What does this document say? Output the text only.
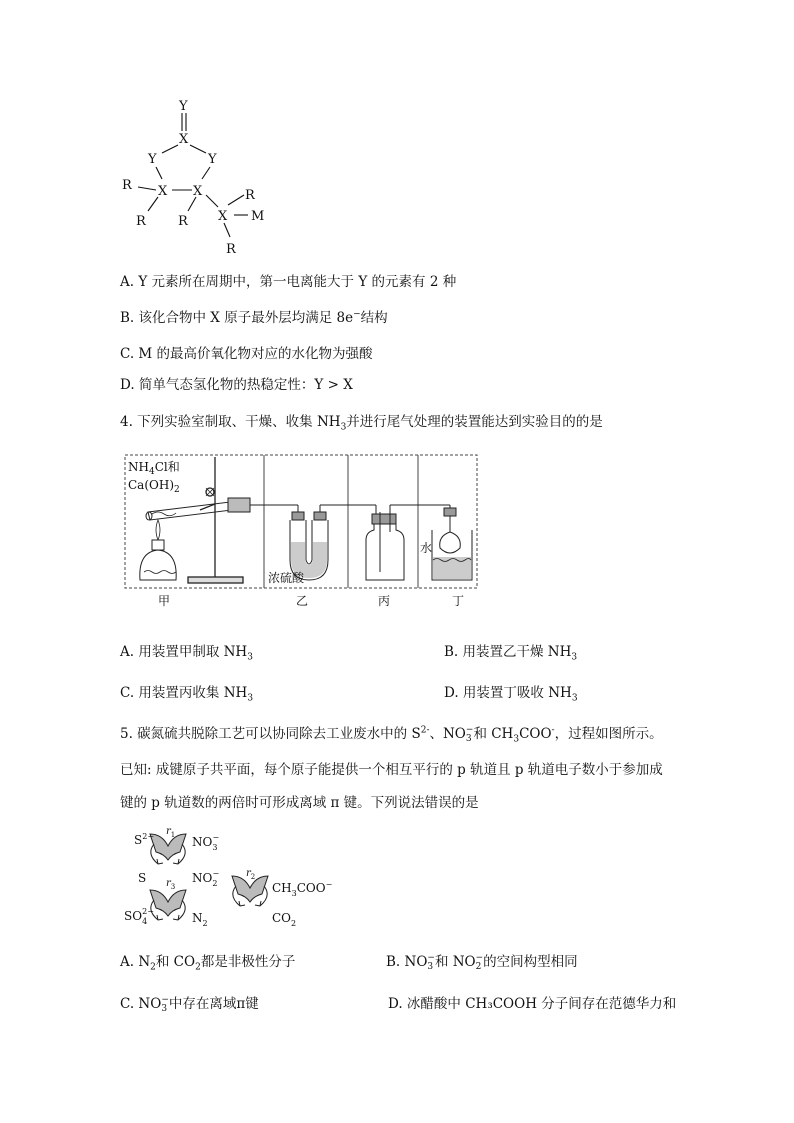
Y
X
Y	Y
R X X	R
R R X M
R
A. Y 元素所在周期中，第一电离能大于 Y 的元素有 2 种
B. 该化合物中 X 原子最外层均满足 8e−结构
C. M 的最高价氧化物对应的水化物为强酸
D. 简单气态氢化物的热稳定性：Y > X
4. 下列实验室制取、干燥、收集 $NH_3$并进行尾气处理的装置能达到实验目的的是
$NH_4Cl$和
$Ca(OH)_2$
浓硫酸
水
甲	乙	丙	丁
A. 用装置甲制取 $NH_3$	B. 用装置乙干燥 $NH_3$
C. 用装置丙收集 $NH_3$	D. 用装置丁吸收 $NH_3$
5. 碳氮硫共脱除工艺可以协同除去工业废水中的 $S^{2-}$、NO −
3 和 $CH_3COO^-$，过程如图所示。
已知: 成键原子共平面，每个原子能提供一个相互平行的 p 轨道且 p 轨道电子数小于参加成
键的 p 轨道数的两倍时可形成离域 π 键。下列说法错误的是
$S^{2-}$ $r_1$ $NO_3-$
S $r_3$
$NO_2-$
$SO_42-$	$N_2$
$r_2$
$CH_3COO^-$
$CO_2$
A. $N_2$和 $CO_2$都是非极性分子	B. NO −
3 和 NO −
2 的空间构型相同
C. NO −
3 中存在离域π键	D. 冰醋酸中 CH₃COOH 分子间存在范德华力和
